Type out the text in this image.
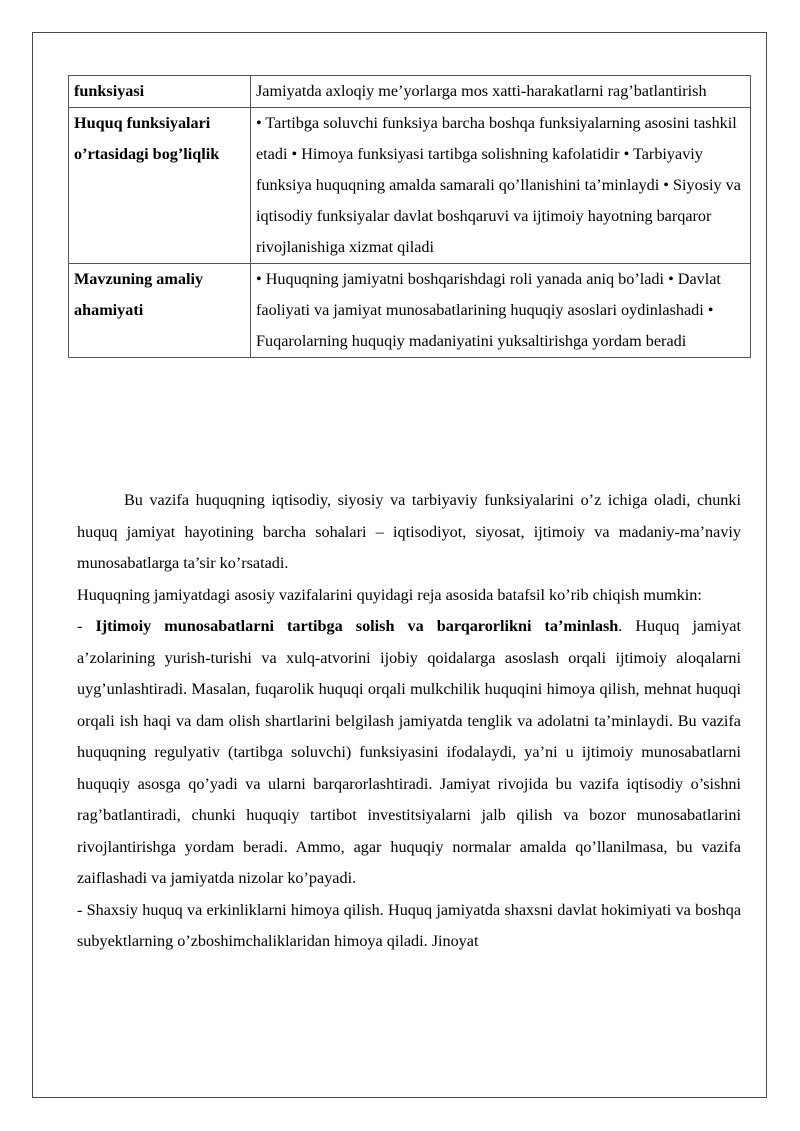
funksiyasi	Jamiyatda axloqiy me’yorlarga mos xatti-harakatlarni rag’batlantirish
Huquq funksiyalari o’rtasidagi bog’liqlik	• Tartibga soluvchi funksiya barcha boshqa funksiyalarning asosini tashkil etadi • Himoya funksiyasi tartibga solishning kafolatidir • Tarbiyaviy funksiya huquqning amalda samarali qo’llanishini ta’minlaydi • Siyosiy va iqtisodiy funksiyalar davlat boshqaruvi va ijtimoiy hayotning barqaror rivojlanishiga xizmat qiladi
Mavzuning amaliy ahamiyati	• Huquqning jamiyatni boshqarishdagi roli yanada aniq bo’ladi • Davlat faoliyati va jamiyat munosabatlarining huquqiy asoslari oydinlashadi • Fuqarolarning huquqiy madaniyatini yuksaltirishga yordam beradi

Bu vazifa huquqning iqtisodiy, siyosiy va tarbiyaviy funksiyalarini o’z ichiga oladi, chunki huquq jamiyat hayotining barcha sohalari – iqtisodiyot, siyosat, ijtimoiy va madaniy-ma’naviy munosabatlarga ta’sir ko’rsatadi.

Huquqning jamiyatdagi asosiy vazifalarini quyidagi reja asosida batafsil ko’rib chiqish mumkin:

- Ijtimoiy munosabatlarni tartibga solish va barqarorlikni ta’minlash. Huquq jamiyat a’zolarining yurish-turishi va xulq-atvorini ijobiy qoidalarga asoslash orqali ijtimoiy aloqalarni uyg’unlashtiradi. Masalan, fuqarolik huquqi orqali mulkchilik huquqini himoya qilish, mehnat huquqi orqali ish haqi va dam olish shartlarini belgilash jamiyatda tenglik va adolatni ta’minlaydi. Bu vazifa huquqning regulyativ (tartibga soluvchi) funksiyasini ifodalaydi, ya’ni u ijtimoiy munosabatlarni huquqiy asosga qo’yadi va ularni barqarorlashtiradi. Jamiyat rivojida bu vazifa iqtisodiy o’sishni rag’batlantiradi, chunki huquqiy tartibot investitsiyalarni jalb qilish va bozor munosabatlarini rivojlantirishga yordam beradi. Ammo, agar huquqiy normalar amalda qo’llanilmasa, bu vazifa zaiflashadi va jamiyatda nizolar ko’payadi.

- Shaxsiy huquq va erkinliklarni himoya qilish. Huquq jamiyatda shaxsni davlat hokimiyati va boshqa subyektlarning o’zboshimchaliklaridan himoya qiladi. Jinoyat
